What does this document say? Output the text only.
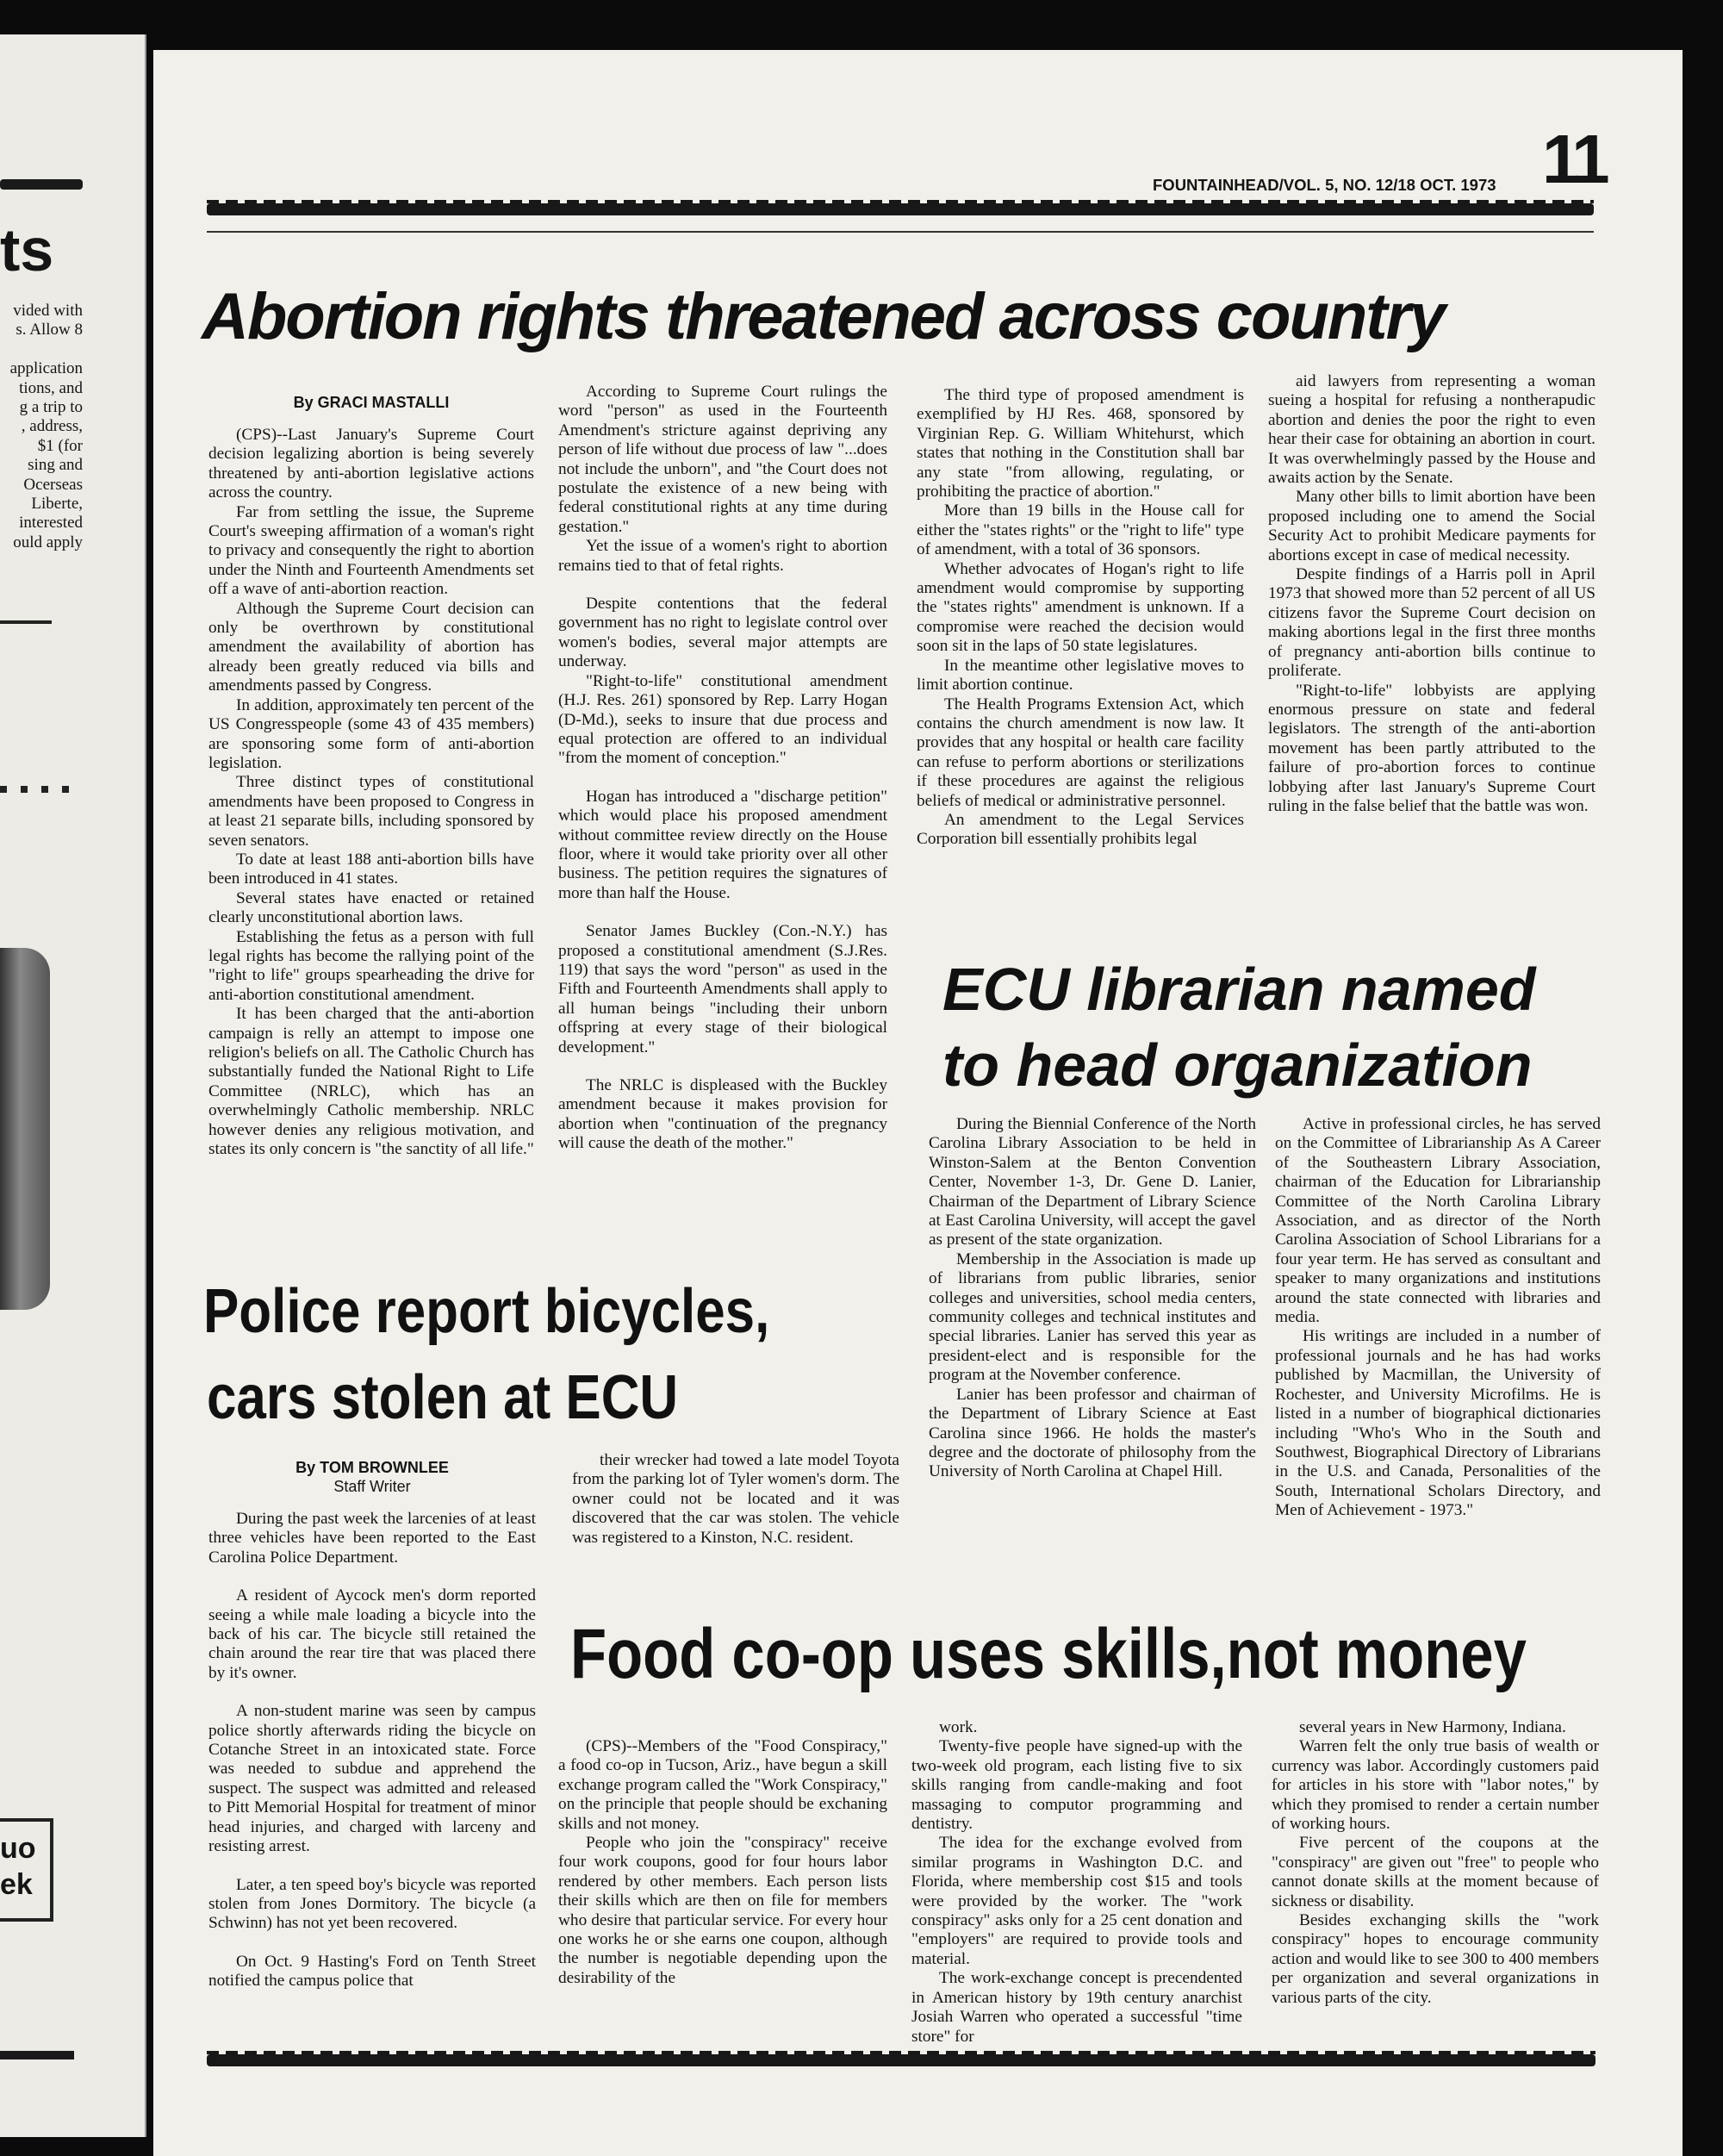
ts
vided with
s. Allow 8
application
tions, and
g a trip to
, address,
$1 (for
sing and
Ocerseas
Liberte,
interested
ould apply
uo
ek
FOUNTAINHEAD/VOL. 5, NO. 12/18 OCT. 1973 11
Abortion rights threatened across country
By GRACI MASTALLI

(CPS)--Last January's Supreme Court decision legalizing abortion is being severely threatened by anti-abortion legislative actions across the country.

Far from settling the issue, the Supreme Court's sweeping affirmation of a woman's right to privacy and consequently the right to abortion under the Ninth and Fourteenth Amendments set off a wave of anti-abortion reaction.

Although the Supreme Court decision can only be overthrown by constitutional amendment the availability of abortion has already been greatly reduced via bills and amendments passed by Congress.

In addition, approximately ten percent of the US Congresspeople (some 43 of 435 members) are sponsoring some form of anti-abortion legislation.

Three distinct types of constitutional amendments have been proposed to Congress in at least 21 separate bills, including sponsored by seven senators.

To date at least 188 anti-abortion bills have been introduced in 41 states.

Several states have enacted or retained clearly unconstitutional abortion laws.

Establishing the fetus as a person with full legal rights has become the rallying point of the "right to life" groups spearheading the drive for anti-abortion constitutional amendment.

It has been charged that the anti-abortion campaign is relly an attempt to impose one religion's beliefs on all. The Catholic Church has substantially funded the National Right to Life Committee (NRLC), which has an overwhelmingly Catholic membership. NRLC however denies any religious motivation, and states its only concern is "the sanctity of all life."

According to Supreme Court rulings the word "person" as used in the Fourteenth Amendment's stricture against depriving any person of life without due process of law "...does not include the unborn", and "the Court does not postulate the existence of a new being with federal constitutional rights at any time during gestation."

Yet the issue of a women's right to abortion remains tied to that of fetal rights.

Despite contentions that the federal government has no right to legislate control over women's bodies, several major attempts are underway.

"Right-to-life" constitutional amendment (H.J. Res. 261) sponsored by Rep. Larry Hogan (D-Md.), seeks to insure that due process and equal protection are offered to an individual "from the moment of conception."

Hogan has introduced a "discharge petition" which would place his proposed amendment without committee review directly on the House floor, where it would take priority over all other business. The petition requires the signatures of more than half the House.

Senator James Buckley (Con.-N.Y.) has proposed a constitutional amendment (S.J.Res. 119) that says the word "person" as used in the Fifth and Fourteenth Amendments shall apply to all human beings "including their unborn offspring at every stage of their biological development."

The NRLC is displeased with the Buckley amendment because it makes provision for abortion when "continuation of the pregnancy will cause the death of the mother."

The third type of proposed amendment is exemplified by HJ Res. 468, sponsored by Virginian Rep. G. William Whitehurst, which states that nothing in the Constitution shall bar any state "from allowing, regulating, or prohibiting the practice of abortion."

More than 19 bills in the House call for either the "states rights" or the "right to life" type of amendment, with a total of 36 sponsors.

Whether advocates of Hogan's right to life amendment would compromise by supporting the "states rights" amendment is unknown. If a compromise were reached the decision would soon sit in the laps of 50 state legislatures.

In the meantime other legislative moves to limit abortion continue.

The Health Programs Extension Act, which contains the church amendment is now law. It provides that any hospital or health care facility can refuse to perform abortions or sterilizations if these procedures are against the religious beliefs of medical or administrative personnel.

An amendment to the Legal Services Corporation bill essentially prohibits legal

aid lawyers from representing a woman sueing a hospital for refusing a nontherapudic abortion and denies the poor the right to even hear their case for obtaining an abortion in court. It was overwhelmingly passed by the House and awaits action by the Senate.

Many other bills to limit abortion have been proposed including one to amend the Social Security Act to prohibit Medicare payments for abortions except in case of medical necessity.

Despite findings of a Harris poll in April 1973 that showed more than 52 percent of all US citizens favor the Supreme Court decision on making abortions legal in the first three months of pregnancy anti-abortion bills continue to proliferate.

"Right-to-life" lobbyists are applying enormous pressure on state and federal legislators. The strength of the anti-abortion movement has been partly attributed to the failure of pro-abortion forces to continue lobbying after last January's Supreme Court ruling in the false belief that the battle was won.

ECU librarian named
to head organization

During the Biennial Conference of the North Carolina Library Association to be held in Winston-Salem at the Benton Convention Center, November 1-3, Dr. Gene D. Lanier, Chairman of the Department of Library Science at East Carolina University, will accept the gavel as present of the state organization.

Membership in the Association is made up of librarians from public libraries, senior colleges and universities, school media centers, community colleges and technical institutes and special libraries. Lanier has served this year as president-elect and is responsible for the program at the November conference.

Lanier has been professor and chairman of the Department of Library Science at East Carolina since 1966. He holds the master's degree and the doctorate of philosophy from the University of North Carolina at Chapel Hill.

Active in professional circles, he has served on the Committee of Librarianship As A Career of the Southeastern Library Association, chairman of the Education for Librarianship Committee of the North Carolina Library Association, and as director of the North Carolina Association of School Librarians for a four year term. He has served as consultant and speaker to many organizations and institutions around the state connected with libraries and media.

His writings are included in a number of professional journals and he has had works published by Macmillan, the University of Rochester, and University Microfilms. He is listed in a number of biographical dictionaries including "Who's Who in the South and Southwest, Biographical Directory of Librarians in the U.S. and Canada, Personalities of the South, International Scholars Directory, and Men of Achievement - 1973."

Police report bicycles,
cars stolen at ECU
By TOM BROWNLEE
Staff Writer

During the past week the larcenies of at least three vehicles have been reported to the East Carolina Police Department.

A resident of Aycock men's dorm reported seeing a while male loading a bicycle into the back of his car. The bicycle still retained the chain around the rear tire that was placed there by it's owner.

A non-student marine was seen by campus police shortly afterwards riding the bicycle on Cotanche Street in an intoxicated state. Force was needed to subdue and apprehend the suspect. The suspect was admitted and released to Pitt Memorial Hospital for treatment of minor head injuries, and charged with larceny and resisting arrest.

Later, a ten speed boy's bicycle was reported stolen from Jones Dormitory. The bicycle (a Schwinn) has not yet been recovered.

On Oct. 9 Hasting's Ford on Tenth Street notified the campus police that

their wrecker had towed a late model Toyota from the parking lot of Tyler women's dorm. The owner could not be located and it was discovered that the car was stolen. The vehicle was registered to a Kinston, N.C. resident.

Food co-op uses skills,not money

(CPS)--Members of the "Food Conspiracy," a food co-op in Tucson, Ariz., have begun a skill exchange program called the "Work Conspiracy," on the principle that people should be exchaning skills and not money.

People who join the "conspiracy" receive four work coupons, good for four hours labor rendered by other members. Each person lists their skills which are then on file for members who desire that particular service. For every hour one works he or she earns one coupon, although the number is negotiable depending upon the desirability of the

work.

Twenty-five people have signed-up with the two-week old program, each listing five to six skills ranging from candle-making and foot massaging to computor programming and dentistry.

The idea for the exchange evolved from similar programs in Washington D.C. and Florida, where membership cost $15 and tools were provided by the worker. The "work conspiracy" asks only for a 25 cent donation and "employers" are required to provide tools and material.

The work-exchange concept is precendented in American history by 19th century anarchist Josiah Warren who operated a successful "time store" for

several years in New Harmony, Indiana.

Warren felt the only true basis of wealth or currency was labor. Accordingly customers paid for articles in his store with "labor notes," by which they promised to render a certain number of working hours.

Five percent of the coupons at the "conspiracy" are given out "free" to people who cannot donate skills at the moment because of sickness or disability.

Besides exchanging skills the "work conspiracy" hopes to encourage community action and would like to see 300 to 400 members per organization and several organizations in various parts of the city.
